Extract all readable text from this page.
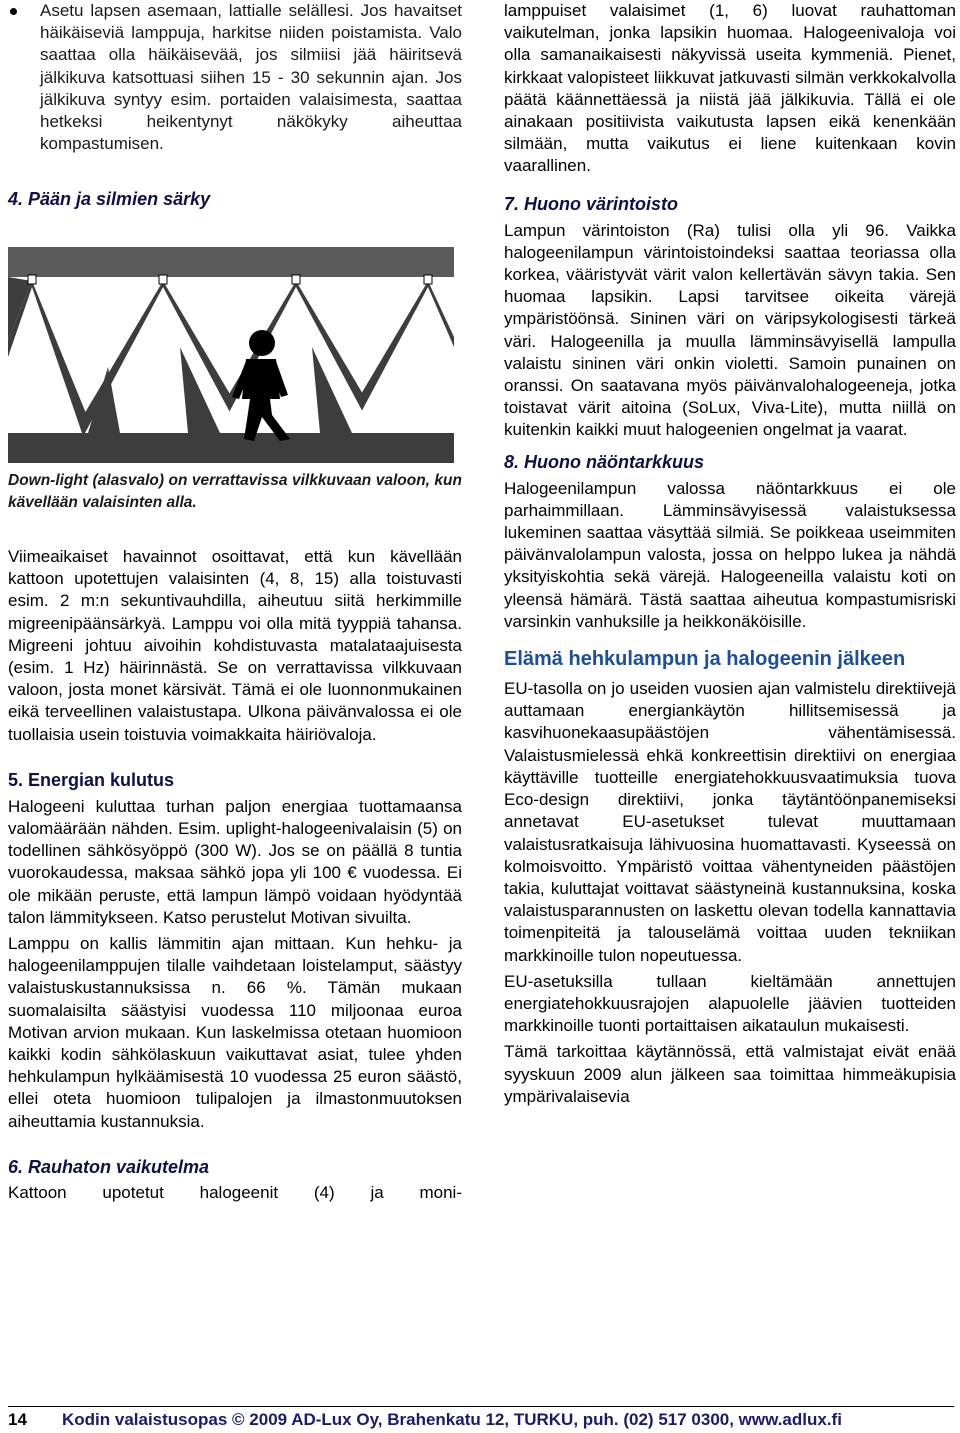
Asetu lapsen asemaan, lattialle selällesi. Jos havaitset häikäiseviä lamppuja, harkitse niiden poistamista. Valo saattaa olla häikäisevää, jos silmiisi jää häiritsevä jälkikuva katsottuasi siihen 15 - 30 sekunnin ajan. Jos jälkikuva syntyy esim. portaiden valaisimesta, saattaa hetkeksi heikentynyt näkökyky aiheuttaa kompastumisen.

4. Pään ja silmien särky

Down-light (alasvalo) on verrattavissa vilkkuvaan valoon, kun kävellään valaisinten alla.

Viimeaikaiset havainnot osoittavat, että kun kävellään kattoon upotettujen valaisinten (4, 8, 15) alla toistuvasti esim. 2 m:n sekuntivauhdilla, aiheutuu siitä herkimmille migreenipäänsärkyä. Lamppu voi olla mitä tyyppiä tahansa. Migreeni johtuu aivoihin kohdistuvasta matalataajuisesta (esim. 1 Hz) häirinnästä. Se on verrattavissa vilkkuvaan valoon, josta monet kärsivät. Tämä ei ole luonnonmukainen eikä terveellinen valaistustapa. Ulkona päivänvalossa ei ole tuollaisia usein toistuvia voimakkaita häiriövaloja.

5. Energian kulutus

Halogeeni kuluttaa turhan paljon energiaa tuottamaansa valomäärään nähden. Esim. uplight-halogeenivalaisin (5) on todellinen sähkösyöppö (300 W). Jos se on päällä 8 tuntia vuorokaudessa, maksaa sähkö jopa yli 100 € vuodessa. Ei ole mikään peruste, että lampun lämpö voidaan hyödyntää talon lämmitykseen. Katso perustelut Motivan sivuilta.

Lamppu on kallis lämmitin ajan mittaan. Kun hehku- ja halogeenilamppujen tilalle vaihdetaan loistelamput, säästyy valaistuskustannuksissa n. 66 %. Tämän mukaan suomalaisilta säästyisi vuodessa 110 miljoonaa euroa Motivan arvion mukaan. Kun laskelmissa otetaan huomioon kaikki kodin sähkölaskuun vaikuttavat asiat, tulee yhden hehkulampun hylkäämisestä 10 vuodessa 25 euron säästö, ellei oteta huomioon tulipalojen ja ilmastonmuutoksen aiheuttamia kustannuksia.

6. Rauhaton vaikutelma

Kattoon upotetut halogeenit (4) ja moni-

lamppuiset valaisimet (1, 6) luovat rauhattoman vaikutelman, jonka lapsikin huomaa. Halogeenivaloja voi olla samanaikaisesti näkyvissä useita kymmeniä. Pienet, kirkkaat valopisteet liikkuvat jatkuvasti silmän verkkokalvolla päätä käännettäessä ja niistä jää jälkikuvia. Tällä ei ole ainakaan positiivista vaikutusta lapsen eikä kenenkään silmään, mutta vaikutus ei liene kuitenkaan kovin vaarallinen.

7. Huono värintoisto

Lampun värintoiston (Ra) tulisi olla yli 96. Vaikka halogeenilampun värintoistoindeksi saattaa teoriassa olla korkea, vääristyvät värit valon kellertävän sävyn takia. Sen huomaa lapsikin. Lapsi tarvitsee oikeita värejä ympäristöönsä. Sininen väri on väripsykologisesti tärkeä väri. Halogeenilla ja muulla lämminsävyisellä lampulla valaistu sininen väri onkin violetti. Samoin punainen on oranssi. On saatavana myös päivänvalohalogeeneja, jotka toistavat värit aitoina (SoLux, Viva-Lite), mutta niillä on kuitenkin kaikki muut halogeenien ongelmat ja vaarat.

8. Huono näöntarkkuus

Halogeenilampun valossa näöntarkkuus ei ole parhaimmillaan. Lämminsävyisessä valaistuksessa lukeminen saattaa väsyttää silmiä. Se poikkeaa useimmiten päivänvalolampun valosta, jossa on helppo lukea ja nähdä yksityiskohtia sekä värejä. Halogeeneilla valaistu koti on yleensä hämärä. Tästä saattaa aiheutua kompastumisriski varsinkin vanhuksille ja heikkonäköisille.

Elämä hehkulampun ja halogeenin jälkeen

EU-tasolla on jo useiden vuosien ajan valmistelu direktiivejä auttamaan energiankäytön hillitsemisessä ja kasvihuonekaasupäästöjen vähentämisessä. Valaistusmielessä ehkä konkreettisin direktiivi on energiaa käyttäville tuotteille energiatehokkuusvaatimuksia tuova Eco-design direktiivi, jonka täytäntöönpanemiseksi annetavat EU-asetukset tulevat muuttamaan valaistusratkaisuja lähivuosina huomattavasti. Kyseessä on kolmoisvoitto. Ympäristö voittaa vähentyneiden päästöjen takia, kuluttajat voittavat säästyneinä kustannuksina, koska valaistusparannusten on laskettu olevan todella kannattavia toimenpiteitä ja talouselämä voittaa uuden tekniikan markkinoille tulon nopeutuessa.

EU-asetuksilla tullaan kieltämään annettujen energiatehokkuusrajojen alapuolelle jäävien tuotteiden markkinoille tuonti portaittaisen aikataulun mukaisesti.

Tämä tarkoittaa käytännössä, että valmistajat eivät enää syyskuun 2009 alun jälkeen saa toimittaa himmeäkupisia ympärivalaisevia

14	Kodin valaistusopas © 2009 AD-Lux Oy, Brahenkatu 12, TURKU, puh. (02) 517 0300, www.adlux.fi
